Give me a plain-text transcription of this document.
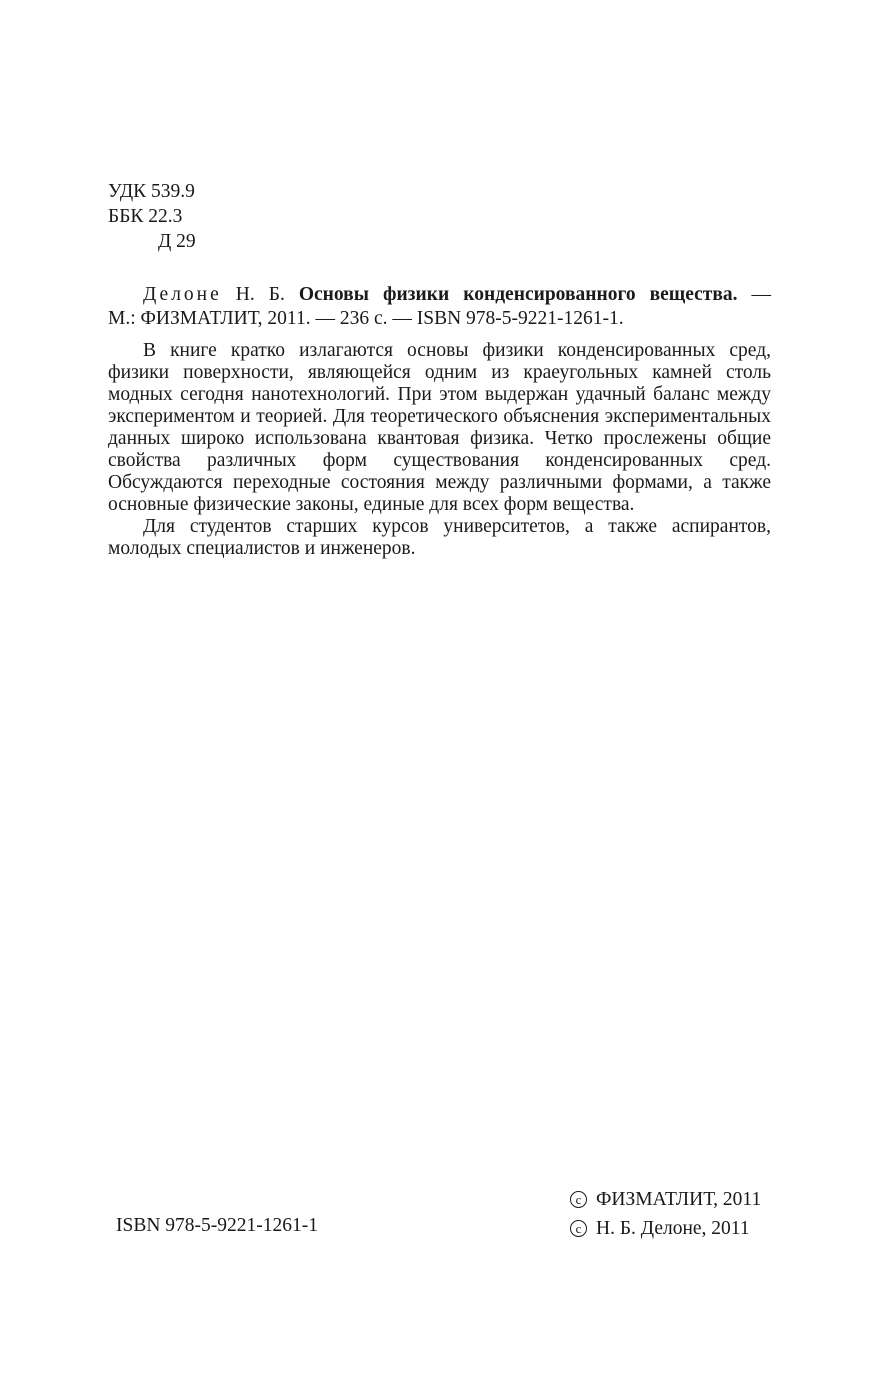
УДК 539.9
ББК 22.3
Д 29
Делоне Н. Б. Основы физики конденсированного вещества. —
М.: ФИЗМАТЛИТ, 2011. — 236 с. — ISBN 978-5-9221-1261-1.

В книге кратко излагаются основы физики конденсированных сред, физики поверхности, являющейся одним из краеугольных камней столь модных сегодня нанотехнологий. При этом выдержан удачный баланс между экспериментом и теорией. Для теоретического объяснения экспериментальных данных широко использована квантовая физика. Четко прослежены общие свойства различных форм существования конденсированных сред. Обсуждаются переходные состояния между различными формами, а также основные физические законы, единые для всех форм вещества.

Для студентов старших курсов университетов, а также аспирантов, молодых специалистов и инженеров.

ISBN 978-5-9221-1261-1
c ФИЗМАТЛИТ, 2011
c Н. Б. Делоне, 2011
